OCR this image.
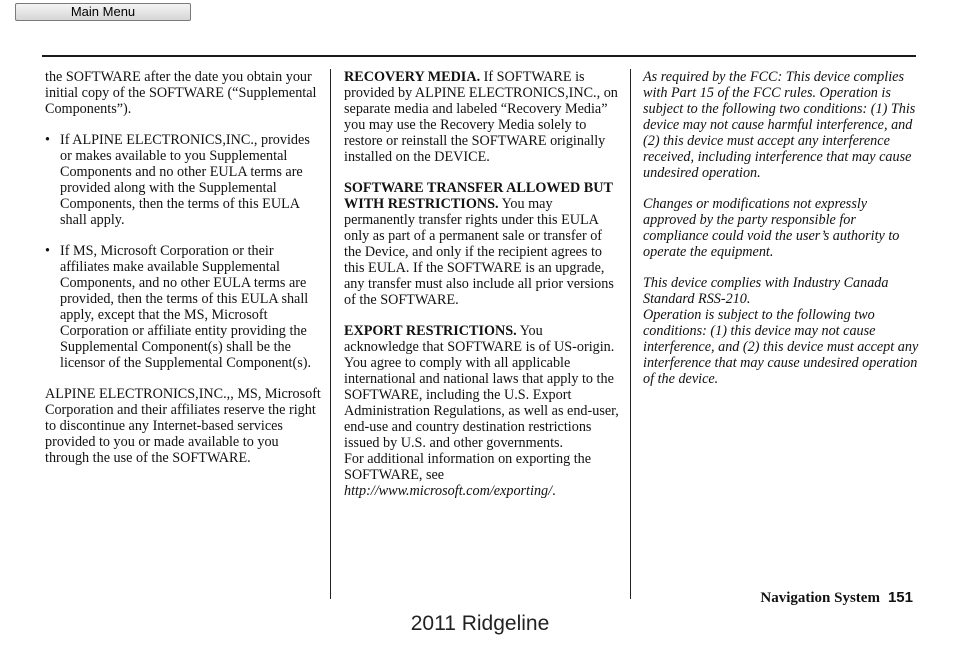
Main Menu

the SOFTWARE after the date you obtain your initial copy of the SOFTWARE (“Supplemental Components”).

• If ALPINE ELECTRONICS,INC., provides or makes available to you Supplemental Components and no other EULA terms are provided along with the Supplemental Components, then the terms of this EULA shall apply.
• If MS, Microsoft Corporation or their affiliates make available Supplemental Components, and no other EULA terms are provided, then the terms of this EULA shall apply, except that the MS, Microsoft Corporation or affiliate entity providing the Supplemental Component(s) shall be the licensor of the Supplemental Component(s).

ALPINE ELECTRONICS,INC.,, MS, Microsoft Corporation and their affiliates reserve the right to discontinue any Internet-based services provided to you or made available to you through the use of the SOFTWARE.

RECOVERY MEDIA. If SOFTWARE is provided by ALPINE ELECTRONICS,INC., on separate media and labeled “Recovery Media” you may use the Recovery Media solely to restore or reinstall the SOFTWARE originally installed on the DEVICE.

SOFTWARE TRANSFER ALLOWED BUT WITH RESTRICTIONS. You may permanently transfer rights under this EULA only as part of a permanent sale or transfer of the Device, and only if the recipient agrees to this EULA. If the SOFTWARE is an upgrade, any transfer must also include all prior versions of the SOFTWARE.

EXPORT RESTRICTIONS. You acknowledge that SOFTWARE is of US-origin. You agree to comply with all applicable international and national laws that apply to the SOFTWARE, including the U.S. Export Administration Regulations, as well as end-user, end-use and country destination restrictions issued by U.S. and other governments.
For additional information on exporting the SOFTWARE, see http://www.microsoft.com/exporting/.

As required by the FCC: This device complies with Part 15 of the FCC rules. Operation is subject to the following two conditions: (1) This device may not cause harmful interference, and (2) this device must accept any interference received, including interference that may cause undesired operation.

Changes or modifications not expressly approved by the party responsible for compliance could void the user’s authority to operate the equipment.

This device complies with Industry Canada Standard RSS-210.

Operation is subject to the following two conditions: (1) this device may not cause interference, and (2) this device must accept any interference that may cause undesired operation of the device.

Navigation System 151
2011 Ridgeline
